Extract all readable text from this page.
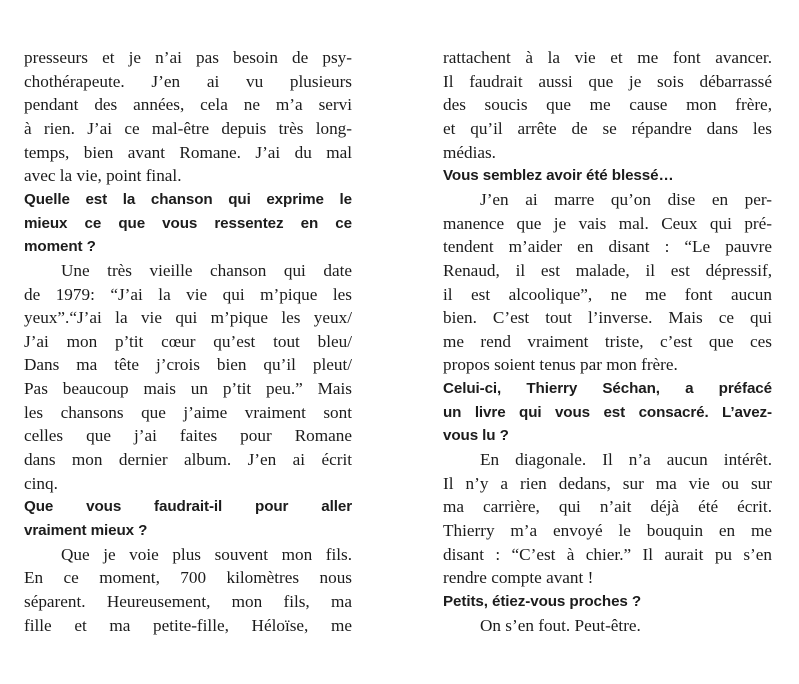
presseurs et je n’ai pas besoin de psy-
chothérapeute. J’en ai vu plusieurs
pendant des années, cela ne m’a servi
à rien. J’ai ce mal-être depuis très long-
temps, bien avant Romane. J’ai du mal
avec la vie, point final.
Quelle est la chanson qui exprime le
mieux ce que vous ressentez en ce
moment ?
Une très vieille chanson qui date
de 1979: “J’ai la vie qui m’pique les
yeux”.“J’ai la vie qui m’pique les yeux/
J’ai mon p’tit cœur qu’est tout bleu/
Dans ma tête j’crois bien qu’il pleut/
Pas beaucoup mais un p’tit peu.” Mais
les chansons que j’aime vraiment sont
celles que j’ai faites pour Romane
dans mon dernier album. J’en ai écrit
cinq.
Que vous faudrait-il pour aller
vraiment mieux ?
Que je voie plus souvent mon fils.
En ce moment, 700 kilomètres nous
séparent. Heureusement, mon fils, ma
fille et ma petite-fille, Héloïse, me
rattachent à la vie et me font avancer.
Il faudrait aussi que je sois débarrassé
des soucis que me cause mon frère,
et qu’il arrête de se répandre dans les
médias.
Vous semblez avoir été blessé…
J’en ai marre qu’on dise en per-
manence que je vais mal. Ceux qui pré-
tendent m’aider en disant : “Le pauvre
Renaud, il est malade, il est dépressif,
il est alcoolique”, ne me font aucun
bien. C’est tout l’inverse. Mais ce qui
me rend vraiment triste, c’est que ces
propos soient tenus par mon frère.
Celui-ci, Thierry Séchan, a préfacé
un livre qui vous est consacré. L’avez-
vous lu ?
En diagonale. Il n’a aucun intérêt.
Il n’y a rien dedans, sur ma vie ou sur
ma carrière, qui n’ait déjà été écrit.
Thierry m’a envoyé le bouquin en me
disant : “C’est à chier.” Il aurait pu s’en
rendre compte avant !
Petits, étiez-vous proches ?
On s’en fout. Peut-être.
